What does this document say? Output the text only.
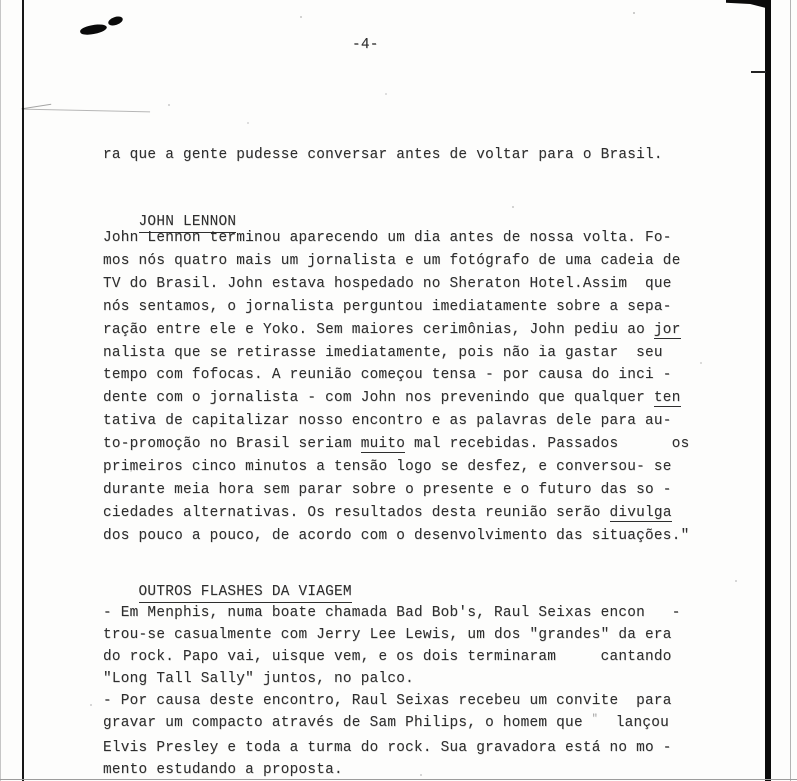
-4-
ra que a gente pudesse conversar antes de voltar para o Brasil.

JOHN LENNON

John Lennon terminou aparecendo um dia antes de nossa volta. Fo-
mos nós quatro mais um jornalista e um fotógrafo de uma cadeia de
TV do Brasil. John estava hospedado no Sheraton Hotel.Assim  que
nós sentamos, o jornalista perguntou imediatamente sobre a sepa-
ração entre ele e Yoko. Sem maiores cerimônias, John pediu ao jor
nalista que se retirasse imediatamente, pois não ia gastar  seu
tempo com fofocas. A reunião começou tensa - por causa do inci -
dente com o jornalista - com John nos prevenindo que qualquer ten
tativa de capitalizar nosso encontro e as palavras dele para au-
to-promoção no Brasil seriam muito mal recebidas. Passados      os
primeiros cinco minutos a tensão logo se desfez, e conversou- se
durante meia hora sem parar sobre o presente e o futuro das so -
ciedades alternativas. Os resultados desta reunião serão divulga
dos pouco a pouco, de acordo com o desenvolvimento das situações."

OUTROS FLASHES DA VIAGEM

- Em Menphis, numa boate chamada Bad Bob's, Raul Seixas encon   -
trou-se casualmente com Jerry Lee Lewis, um dos "grandes" da era
do rock. Papo vai, uisque vem, e os dois terminaram     cantando
"Long Tall Sally" juntos, no palco.
- Por causa deste encontro, Raul Seixas recebeu um convite  para
gravar um compacto através de Sam Philips, o homem que "  lançou
Elvis Presley e toda a turma do rock. Sua gravadora está no mo -
mento estudando a proposta.
